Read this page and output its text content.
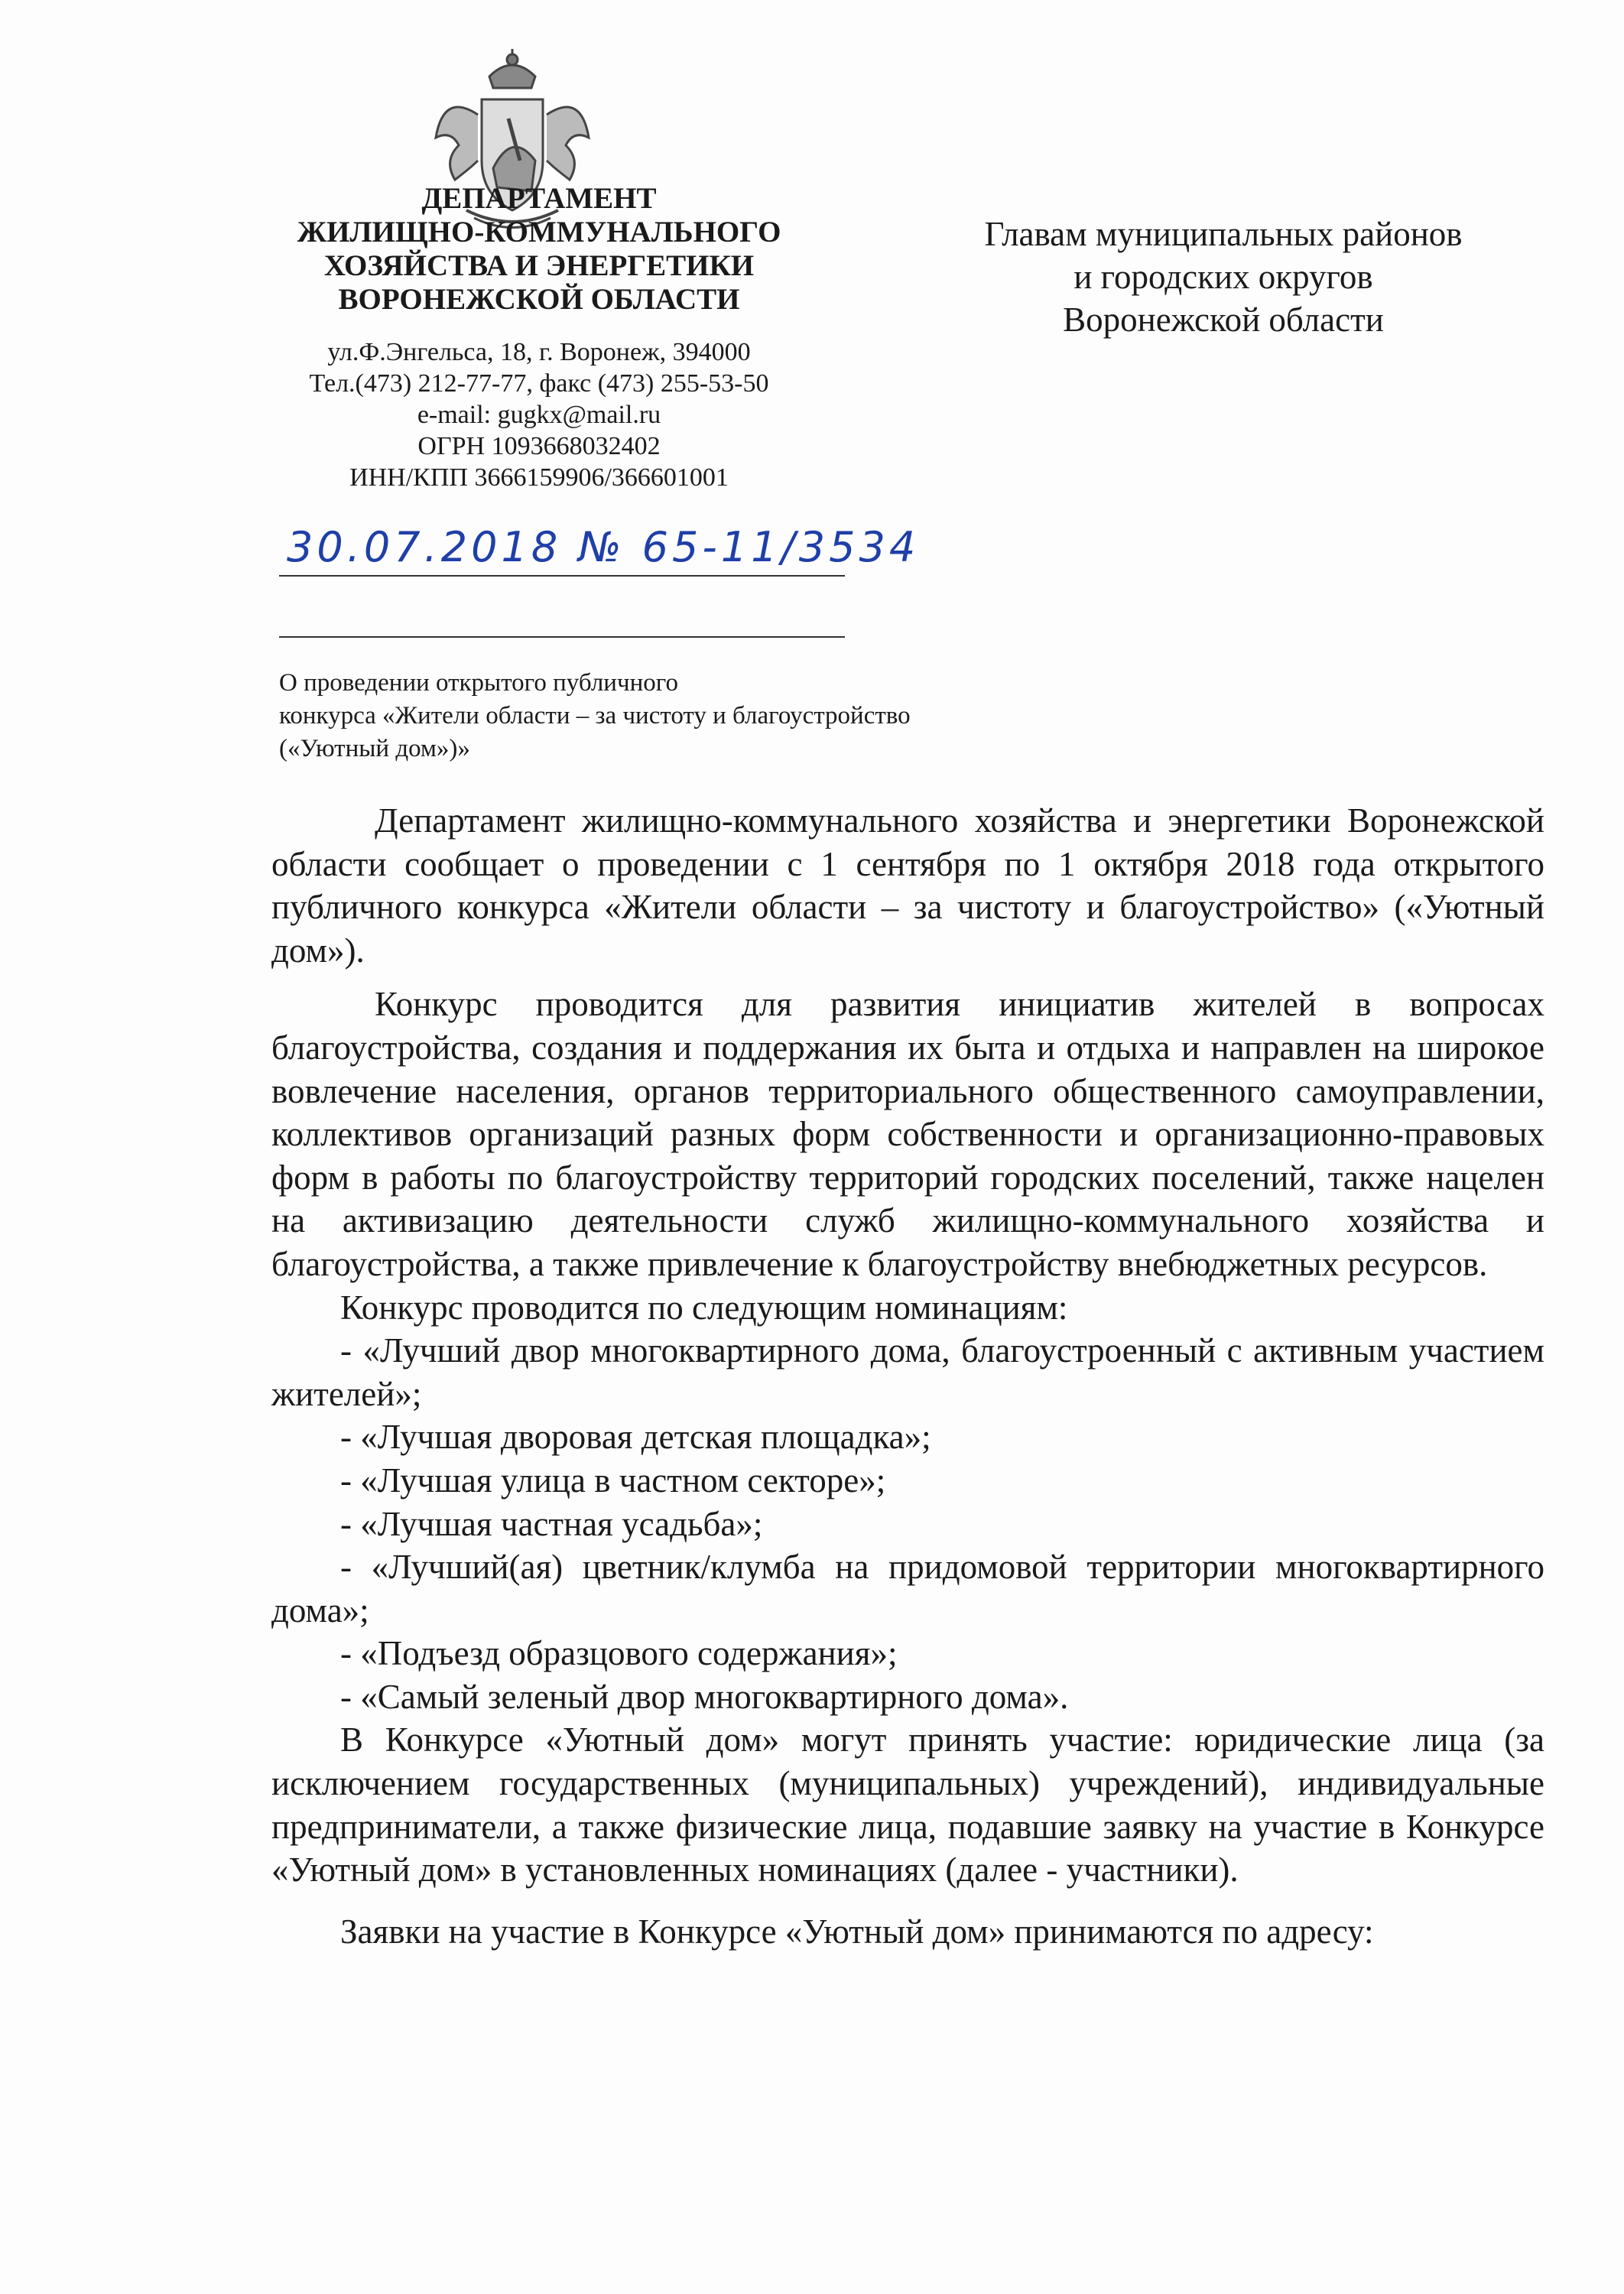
ДЕПАРТАМЕНТ
ЖИЛИЩНО-КОММУНАЛЬНОГО
ХОЗЯЙСТВА И ЭНЕРГЕТИКИ
ВОРОНЕЖСКОЙ ОБЛАСТИ
ул.Ф.Энгельса, 18, г. Воронеж, 394000
Тел.(473) 212-77-77, факс (473) 255-53-50
e-mail: gugkx@mail.ru
ОГРН 1093668032402
ИНН/КПП 3666159906/366601001
30.07.2018 № 65-11/3534
Главам муниципальных районов
и городских округов
Воронежской области
О проведении открытого публичного
конкурса «Жители области – за чистоту и благоустройство
(«Уютный дом»)»

Департамент жилищно-коммунального хозяйства и энергетики Воронежской области сообщает о проведении с 1 сентября по 1 октября 2018 года открытого публичного конкурса «Жители области – за чистоту и благоустройство» («Уютный дом»).

Конкурс проводится для развития инициатив жителей в вопросах благоустройства, создания и поддержания их быта и отдыха и направлен на широкое вовлечение населения, органов территориального общественного самоуправлении, коллективов организаций разных форм собственности и организационно-правовых форм в работы по благоустройству территорий городских поселений, также нацелен на активизацию деятельности служб жилищно-коммунального хозяйства и благоустройства, а также привлечение к благоустройству внебюджетных ресурсов.

Конкурс проводится по следующим номинациям:

- «Лучший двор многоквартирного дома, благоустроенный с активным участием жителей»;

- «Лучшая дворовая детская площадка»;

- «Лучшая улица в частном секторе»;

- «Лучшая частная усадьба»;

- «Лучший(ая) цветник/клумба на придомовой территории многоквартирного дома»;

- «Подъезд образцового содержания»;

- «Самый зеленый двор многоквартирного дома».

В Конкурсе «Уютный дом» могут принять участие: юридические лица (за исключением государственных (муниципальных) учреждений), индивидуальные предприниматели, а также физические лица, подавшие заявку на участие в Конкурсе «Уютный дом» в установленных номинациях (далее - участники).

Заявки на участие в Конкурсе «Уютный дом» принимаются по адресу:
